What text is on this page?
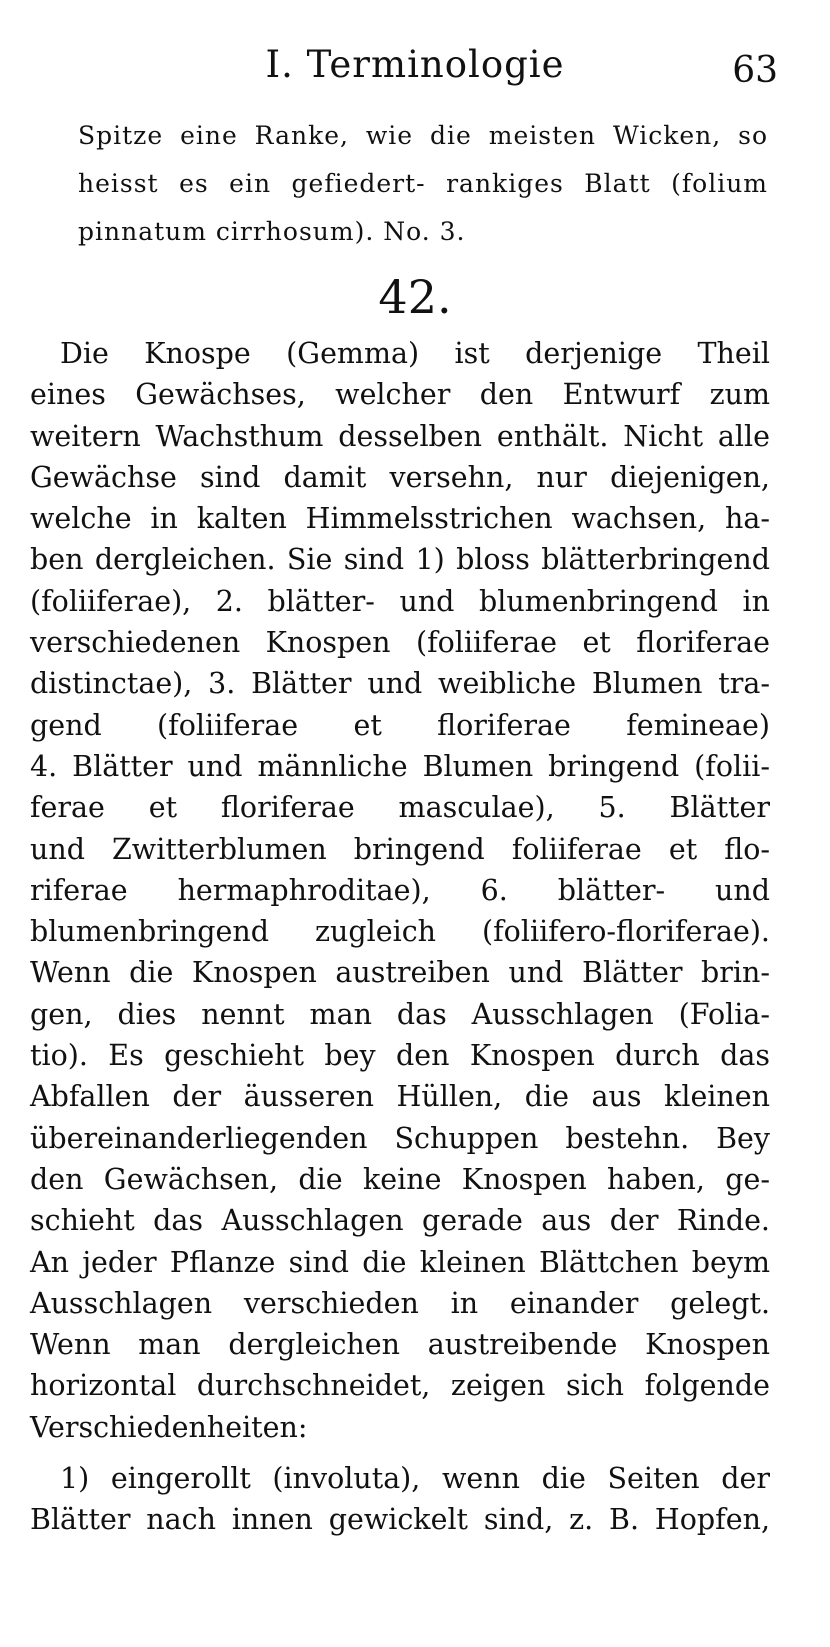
I. Terminologie	63
Spitze eine Ranke, wie die meisten Wicken, so
heisst es ein gefiedert- rankiges Blatt (folium
pinnatum cirrhosum). No. 3.
42.
Die Knospe (Gemma) ist derjenige Theil
eines Gewächses, welcher den Entwurf zum
weitern Wachsthum desselben enthält. Nicht alle
Gewächse sind damit versehn, nur diejenigen,
welche in kalten Himmelsstrichen wachsen, ha-
ben dergleichen. Sie sind 1) bloss blätterbringend
(foliiferae), 2. blätter- und blumenbringend in
verschiedenen Knospen (foliiferae et floriferae
distinctae), 3. Blätter und weibliche Blumen tra-
gend (foliiferae et floriferae femineae)
4. Blätter und männliche Blumen bringend (folii-
ferae et floriferae masculae), 5. Blätter
und Zwitterblumen bringend foliiferae et flo-
riferae hermaphroditae), 6. blätter- und
blumenbringend zugleich (foliifero-floriferae).
Wenn die Knospen austreiben und Blätter brin-
gen, dies nennt man das Ausschlagen (Folia-
tio). Es geschieht bey den Knospen durch das
Abfallen der äusseren Hüllen, die aus kleinen
übereinanderliegenden Schuppen bestehn. Bey
den Gewächsen, die keine Knospen haben, ge-
schieht das Ausschlagen gerade aus der Rinde.
An jeder Pflanze sind die kleinen Blättchen beym
Ausschlagen verschieden in einander gelegt.
Wenn man dergleichen austreibende Knospen
horizontal durchschneidet, zeigen sich folgende
Verschiedenheiten:
1) eingerollt (involuta), wenn die Seiten der
Blätter nach innen gewickelt sind, z. B. Hopfen,
